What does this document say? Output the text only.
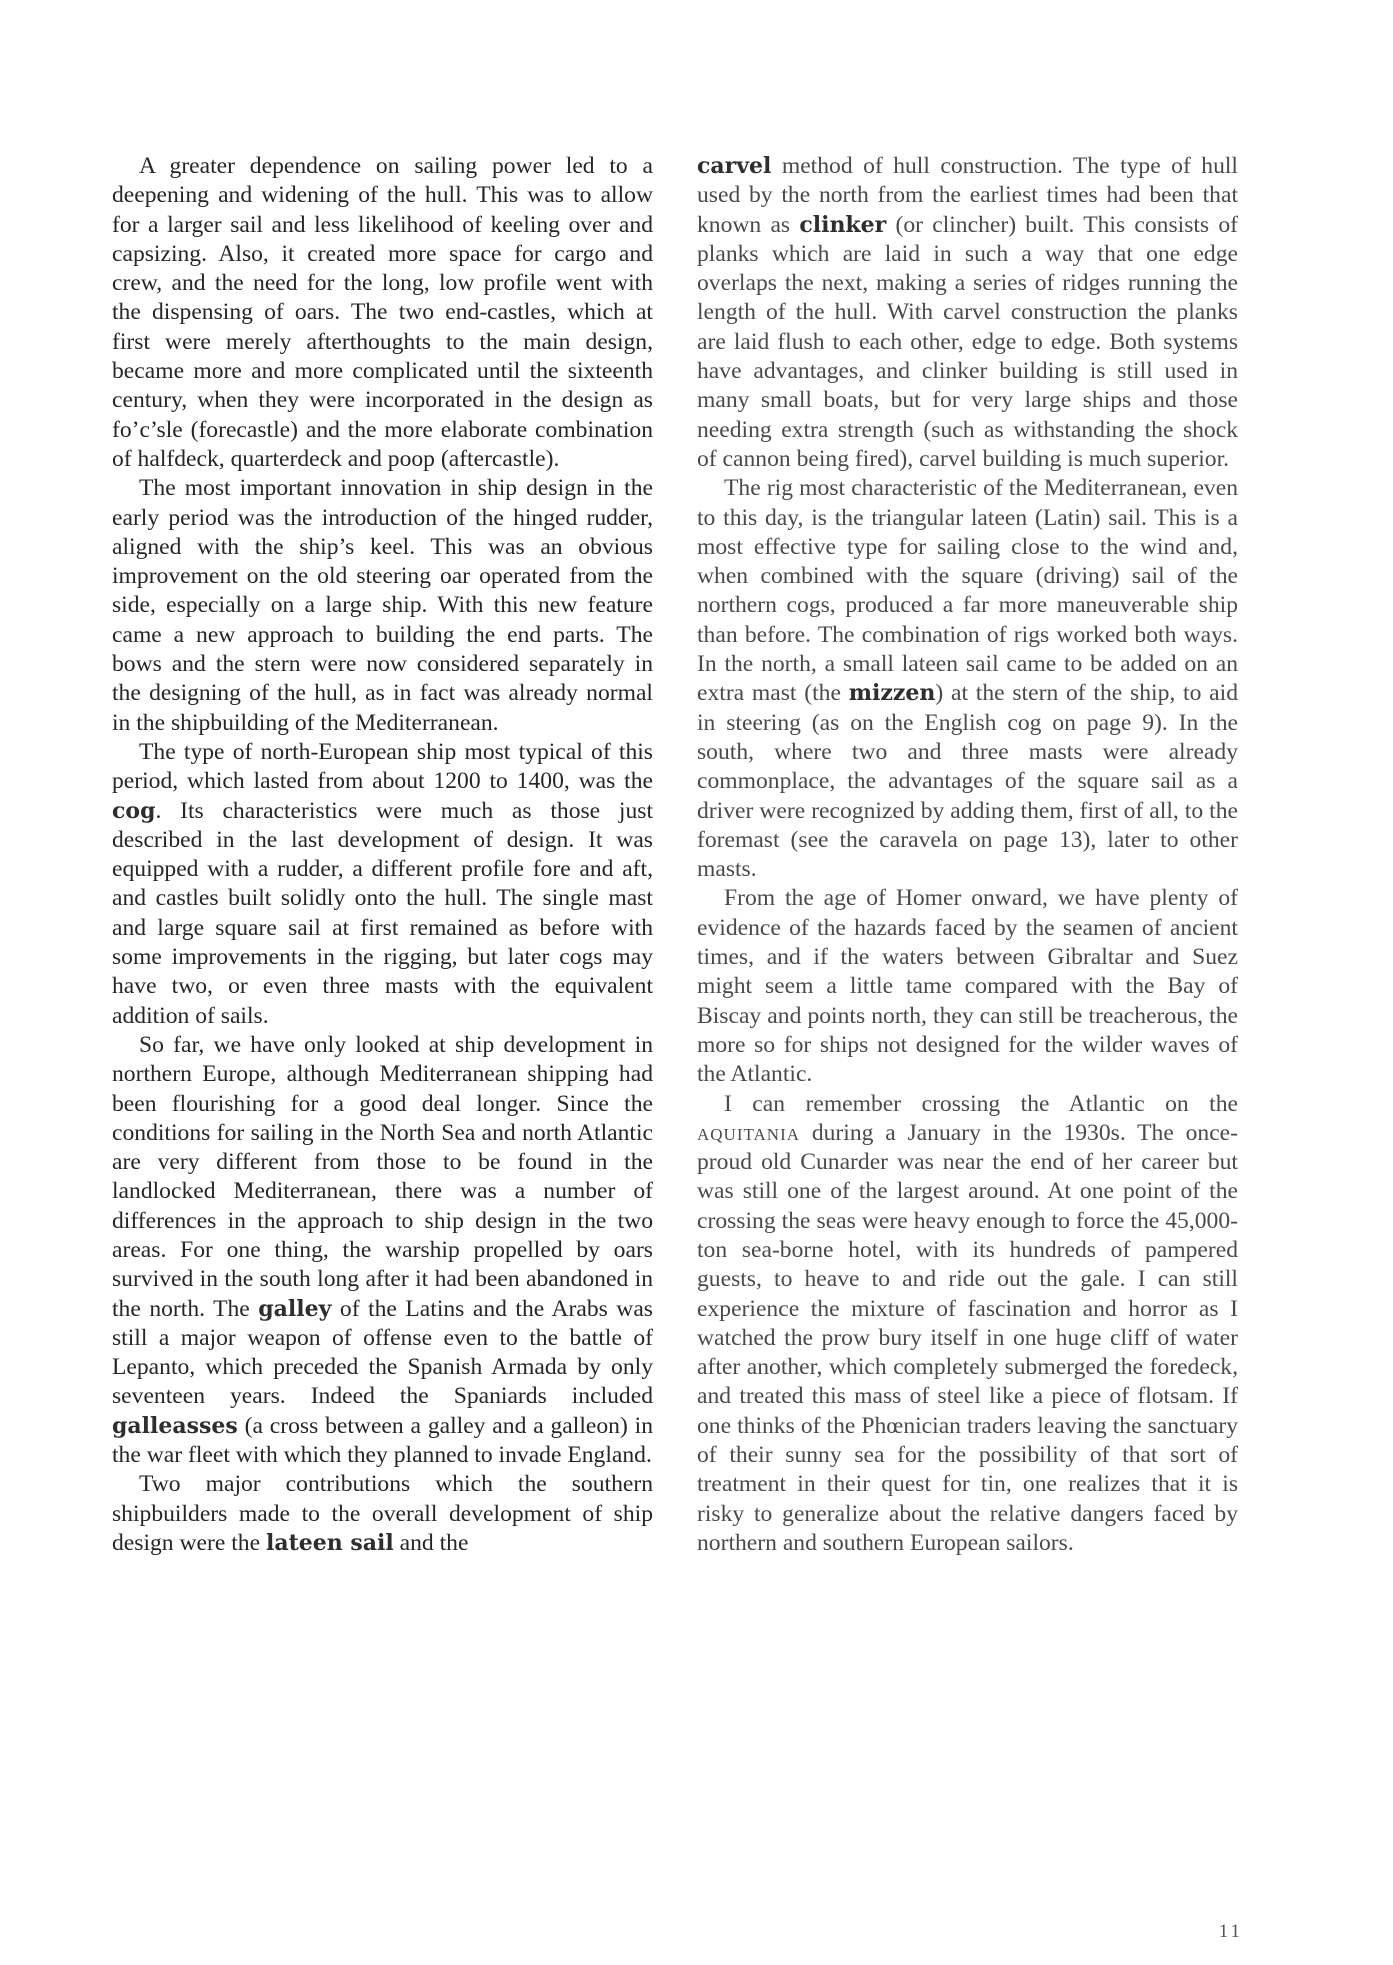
A greater dependence on sailing power led to a deepening and widening of the hull. This was to allow for a larger sail and less likelihood of keeling over and capsizing. Also, it created more space for cargo and crew, and the need for the long, low profile went with the dispensing of oars. The two end-castles, which at first were merely afterthoughts to the main design, became more and more complicated until the sixteenth century, when they were incorporated in the design as fo’c’sle (forecastle) and the more elaborate combination of halfdeck, quarterdeck and poop (aftercastle).

The most important innovation in ship design in the early period was the introduction of the hinged rudder, aligned with the ship’s keel. This was an obvious improvement on the old steering oar operated from the side, especially on a large ship. With this new feature came a new approach to building the end parts. The bows and the stern were now considered separately in the designing of the hull, as in fact was already normal in the shipbuilding of the Mediterranean.

The type of north-European ship most typical of this period, which lasted from about 1200 to 1400, was the cog. Its characteristics were much as those just described in the last development of design. It was equipped with a rudder, a different profile fore and aft, and castles built solidly onto the hull. The single mast and large square sail at first remained as before with some improvements in the rigging, but later cogs may have two, or even three masts with the equivalent addition of sails.

So far, we have only looked at ship development in northern Europe, although Mediterranean shipping had been flourishing for a good deal longer. Since the conditions for sailing in the North Sea and north Atlantic are very different from those to be found in the landlocked Mediterranean, there was a number of differences in the approach to ship design in the two areas. For one thing, the warship propelled by oars survived in the south long after it had been abandoned in the north. The galley of the Latins and the Arabs was still a major weapon of offense even to the battle of Lepanto, which preceded the Spanish Armada by only seventeen years. Indeed the Spaniards included galleasses (a cross between a galley and a galleon) in the war fleet with which they planned to invade England.

Two major contributions which the southern shipbuilders made to the overall development of ship design were the lateen sail and the

carvel method of hull construction. The type of hull used by the north from the earliest times had been that known as clinker (or clincher) built. This consists of planks which are laid in such a way that one edge overlaps the next, making a series of ridges running the length of the hull. With carvel construction the planks are laid flush to each other, edge to edge. Both systems have advantages, and clinker building is still used in many small boats, but for very large ships and those needing extra strength (such as withstanding the shock of cannon being fired), carvel building is much superior.

The rig most characteristic of the Mediterranean, even to this day, is the triangular lateen (Latin) sail. This is a most effective type for sailing close to the wind and, when combined with the square (driving) sail of the northern cogs, produced a far more maneuverable ship than before. The combination of rigs worked both ways. In the north, a small lateen sail came to be added on an extra mast (the mizzen) at the stern of the ship, to aid in steering (as on the English cog on page 9). In the south, where two and three masts were already commonplace, the advantages of the square sail as a driver were recognized by adding them, first of all, to the foremast (see the caravela on page 13), later to other masts.

From the age of Homer onward, we have plenty of evidence of the hazards faced by the seamen of ancient times, and if the waters between Gibraltar and Suez might seem a little tame compared with the Bay of Biscay and points north, they can still be treacherous, the more so for ships not designed for the wilder waves of the Atlantic.

I can remember crossing the Atlantic on the aquitania during a January in the 1930s. The once-proud old Cunarder was near the end of her career but was still one of the largest around. At one point of the crossing the seas were heavy enough to force the 45,000-ton sea-borne hotel, with its hundreds of pampered guests, to heave to and ride out the gale. I can still experience the mixture of fascination and horror as I watched the prow bury itself in one huge cliff of water after another, which completely submerged the foredeck, and treated this mass of steel like a piece of flotsam. If one thinks of the Phœnician traders leaving the sanctuary of their sunny sea for the possibility of that sort of treatment in their quest for tin, one realizes that it is risky to generalize about the relative dangers faced by northern and southern European sailors.

11
